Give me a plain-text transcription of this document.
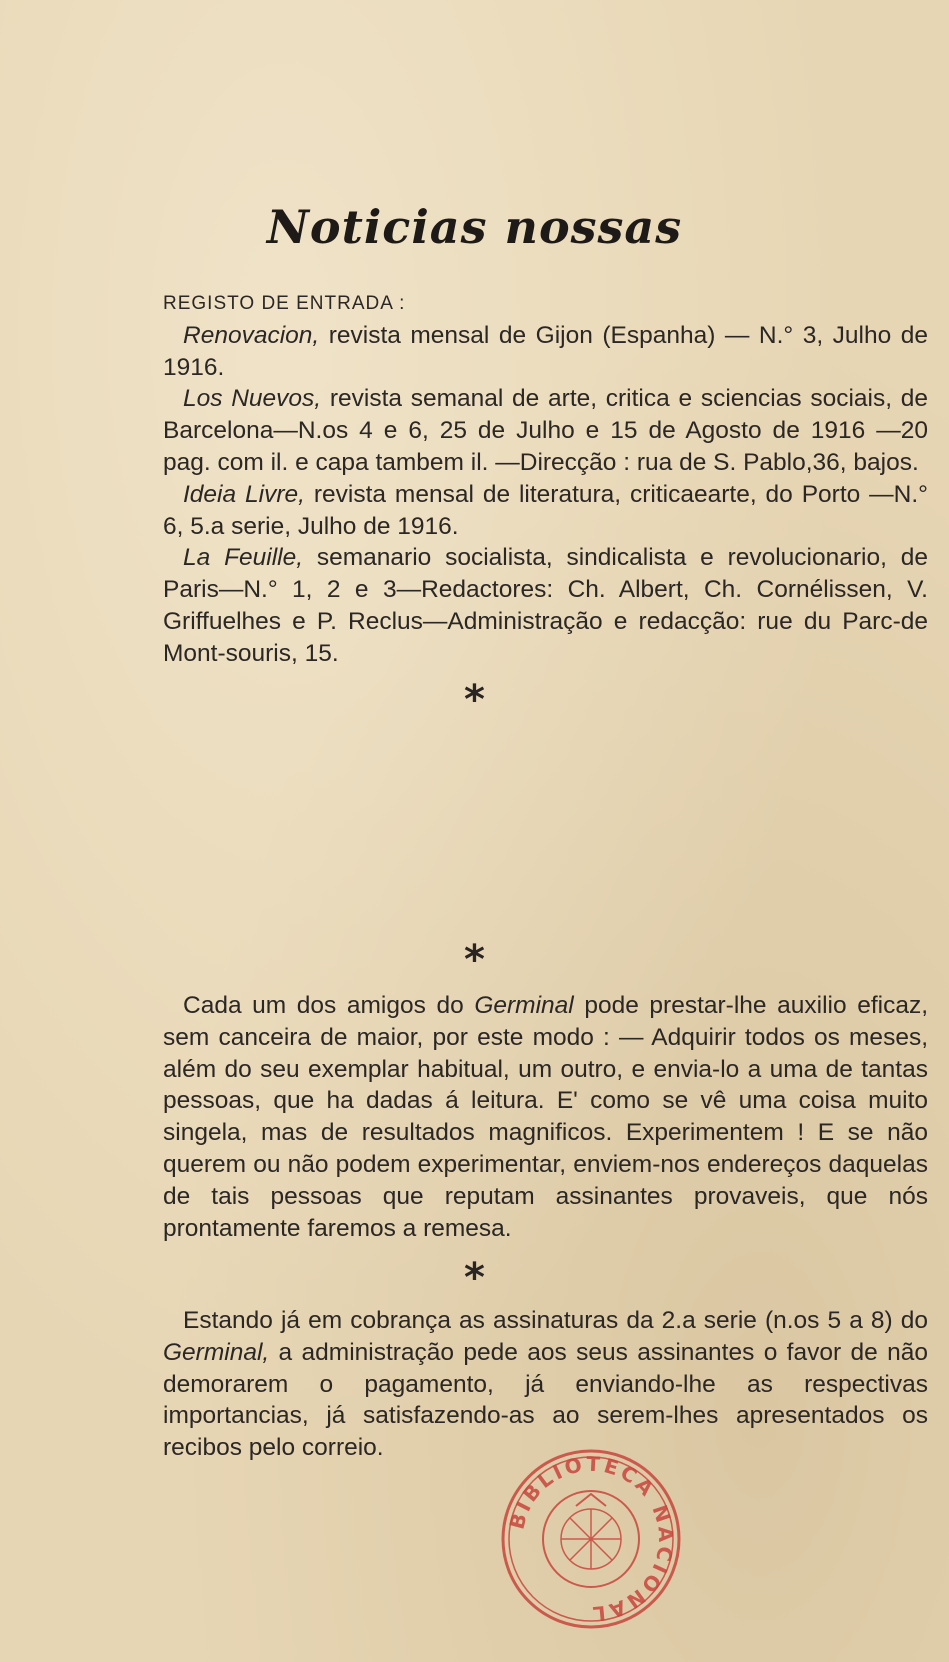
Noticias nossas
REGISTO DE ENTRADA :
Renovacion, revista mensal de Gijon (Espanha) — N.° 3, Julho de 1916.
Los Nuevos, revista semanal de arte, critica e sciencias sociais, de Barcelona—N.os 4 e 6, 25 de Julho e 15 de Agosto de 1916 —20 pag. com il. e capa tambem il. —Direcção : rua de S. Pablo,36, bajos.
Ideia Livre, revista mensal de literatura, criticaearte, do Porto —N.° 6, 5.a serie, Julho de 1916.
La Feuille, semanario socialista, sindicalista e revolucionario, de Paris—N.° 1, 2 e 3—Redactores: Ch. Albert, Ch. Cornélissen, V. Griffuelhes e P. Reclus—Administração e redacção: rue du Parc-de Mont-souris, 15.
*
*
Cada um dos amigos do Germinal pode prestar-lhe auxilio eficaz, sem canceira de maior, por este modo : — Adquirir todos os meses, além do seu exemplar habitual, um outro, e envia-lo a uma de tantas pessoas, que ha dadas á leitura. E' como se vê uma coisa muito singela, mas de resultados magnificos. Experimentem ! E se não querem ou não podem experimentar, enviem-nos endereços daquelas de tais pessoas que reputam assinantes provaveis, que nós prontamente faremos a remesa.
*
Estando já em cobrança as assinaturas da 2.a serie (n.os 5 a 8) do Germinal, a administração pede aos seus assinantes o favor de não demorarem o pagamento, já enviando-lhe as respectivas importancias, já satisfazendo-as ao serem-lhes apresentados os recibos pelo correio.
BIBLIOTECA NACIONAL
